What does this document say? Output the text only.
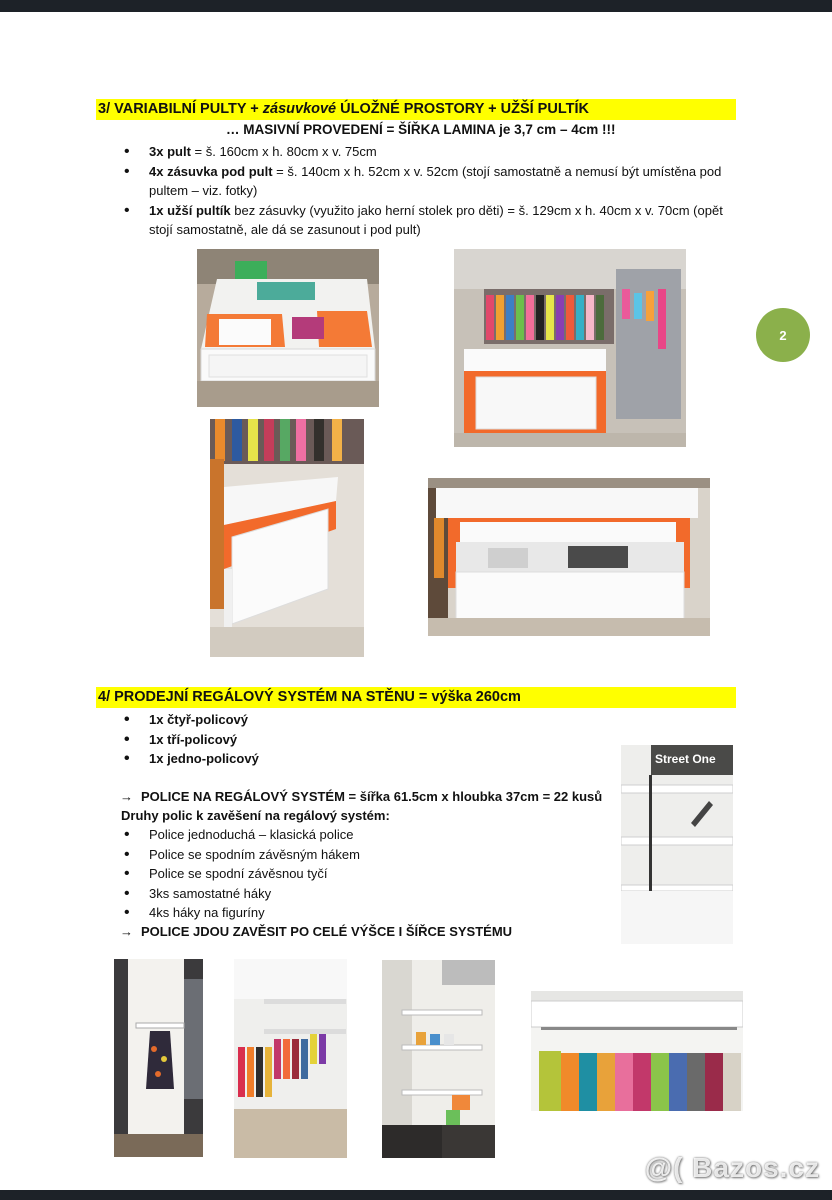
3/ VARIABILNÍ PULTY + zásuvkové ÚLOŽNÉ PROSTORY + UŽŠÍ PULTÍK
… MASIVNÍ PROVEDENÍ = ŠÍŘKA LAMINA je 3,7 cm – 4cm !!!
• 3x pult = š. 160cm x h. 80cm x v. 75cm
• 4x zásuvka pod pult = š. 140cm x h. 52cm x v. 52cm (stojí samostatně a nemusí být umístěna pod pultem – viz. fotky)
• 1x užší pultík bez zásuvky (využito jako herní stolek pro děti) = š. 129cm x h. 40cm x v. 70cm (opět stojí samostatně, ale dá se zasunout i pod pult)
2
4/ PRODEJNÍ REGÁLOVÝ SYSTÉM NA STĚNU = výška 260cm
• 1x čtyř-policový
• 1x tří-policový
• 1x jedno-policový
→ POLICE NA REGÁLOVÝ SYSTÉM = šířka 61.5cm x hloubka 37cm = 22 kusů
Druhy polic k zavěšení na regálový systém:
• Police jednoduchá – klasická police
• Police se spodním závěsným hákem
• Police se spodní závěsnou tyčí
• 3ks samostatné háky
• 4ks háky na figuríny
→ POLICE JDOU ZAVĚSIT PO CELÉ VÝŠCE I ŠÍŘCE SYSTÉMU
Street One
@( Bazos.cz
